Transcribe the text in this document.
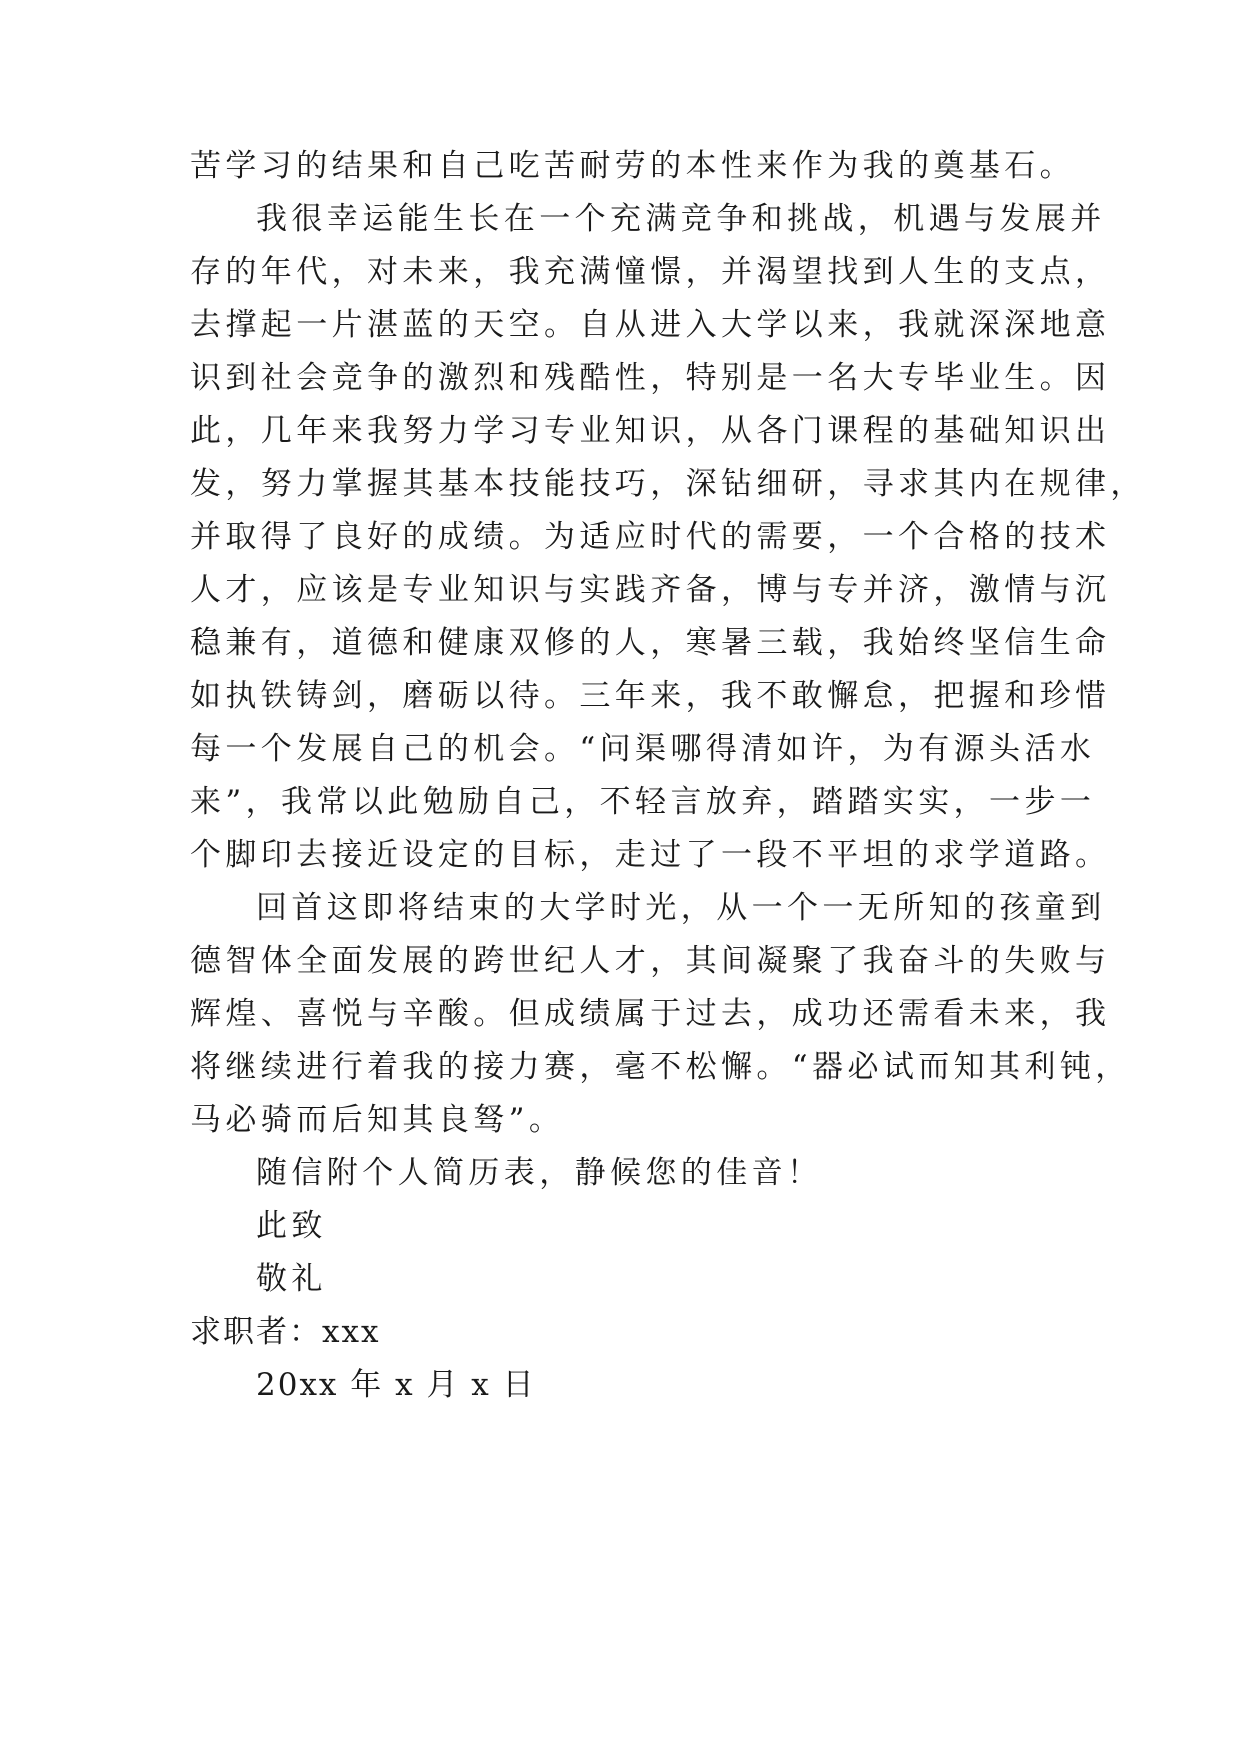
苦学习的结果和自己吃苦耐劳的本性来作为我的奠基石。
我很幸运能生长在一个充满竞争和挑战，机遇与发展并
存的年代，对未来，我充满憧憬，并渴望找到人生的支点，
去撑起一片湛蓝的天空。自从进入大学以来，我就深深地意
识到社会竞争的激烈和残酷性，特别是一名大专毕业生。因
此，几年来我努力学习专业知识，从各门课程的基础知识出
发，努力掌握其基本技能技巧，深钻细研，寻求其内在规律，
并取得了良好的成绩。为适应时代的需要，一个合格的技术
人才，应该是专业知识与实践齐备，博与专并济，激情与沉
稳兼有，道德和健康双修的人，寒暑三载，我始终坚信生命
如执铁铸剑，磨砺以待。三年来，我不敢懈怠，把握和珍惜
每一个发展自己的机会。“问渠哪得清如许，为有源头活水
来”，我常以此勉励自己，不轻言放弃，踏踏实实，一步一
个脚印去接近设定的目标，走过了一段不平坦的求学道路。
回首这即将结束的大学时光，从一个一无所知的孩童到
德智体全面发展的跨世纪人才，其间凝聚了我奋斗的失败与
辉煌、喜悦与辛酸。但成绩属于过去，成功还需看未来，我
将继续进行着我的接力赛，毫不松懈。“器必试而知其利钝，
马必骑而后知其良驽”。
随信附个人简历表，静候您的佳音！
此致
敬礼
求职者：xxx
20xx 年 x 月 x 日
